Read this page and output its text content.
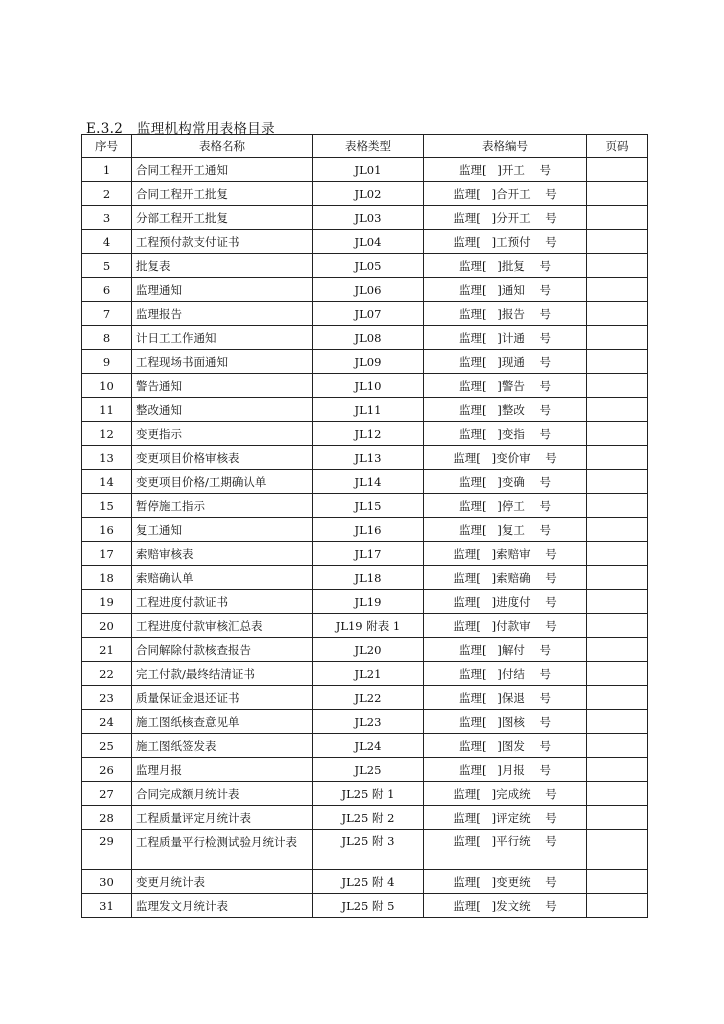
E.3.2   监理机构常用表格目录
序号	表格名称	表格类型	表格编号	页码
1	合同工程开工通知	JL01	监理[   ]开工    号	
2	合同工程开工批复	JL02	监理[   ]合开工    号	
3	分部工程开工批复	JL03	监理[   ]分开工    号	
4	工程预付款支付证书	JL04	监理[   ]工预付    号	
5	批复表	JL05	监理[   ]批复    号	
6	监理通知	JL06	监理[   ]通知    号	
7	监理报告	JL07	监理[   ]报告    号	
8	计日工工作通知	JL08	监理[   ]计通    号	
9	工程现场书面通知	JL09	监理[   ]现通    号	
10	警告通知	JL10	监理[   ]警告    号	
11	整改通知	JL11	监理[   ]整改    号	
12	变更指示	JL12	监理[   ]变指    号	
13	变更项目价格审核表	JL13	监理[   ]变价审    号	
14	变更项目价格/工期确认单	JL14	监理[   ]变确    号	
15	暂停施工指示	JL15	监理[   ]停工    号	
16	复工通知	JL16	监理[   ]复工    号	
17	索赔审核表	JL17	监理[   ]索赔审    号	
18	索赔确认单	JL18	监理[   ]索赔确    号	
19	工程进度付款证书	JL19	监理[   ]进度付    号	
20	工程进度付款审核汇总表	JL19 附表 1	监理[   ]付款审    号	
21	合同解除付款核查报告	JL20	监理[   ]解付    号	
22	完工付款/最终结清证书	JL21	监理[   ]付结    号	
23	质量保证金退还证书	JL22	监理[   ]保退    号	
24	施工图纸核查意见单	JL23	监理[   ]图核    号	
25	施工图纸签发表	JL24	监理[   ]图发    号	
26	监理月报	JL25	监理[   ]月报    号	
27	合同完成额月统计表	JL25 附 1	监理[   ]完成统    号	
28	工程质量评定月统计表	JL25 附 2	监理[   ]评定统    号	
29	工程质量平行检测试验月统计表	JL25 附 3	监理[   ]平行统    号	
30	变更月统计表	JL25 附 4	监理[   ]变更统    号	
31	监理发文月统计表	JL25 附 5	监理[   ]发文统    号	
